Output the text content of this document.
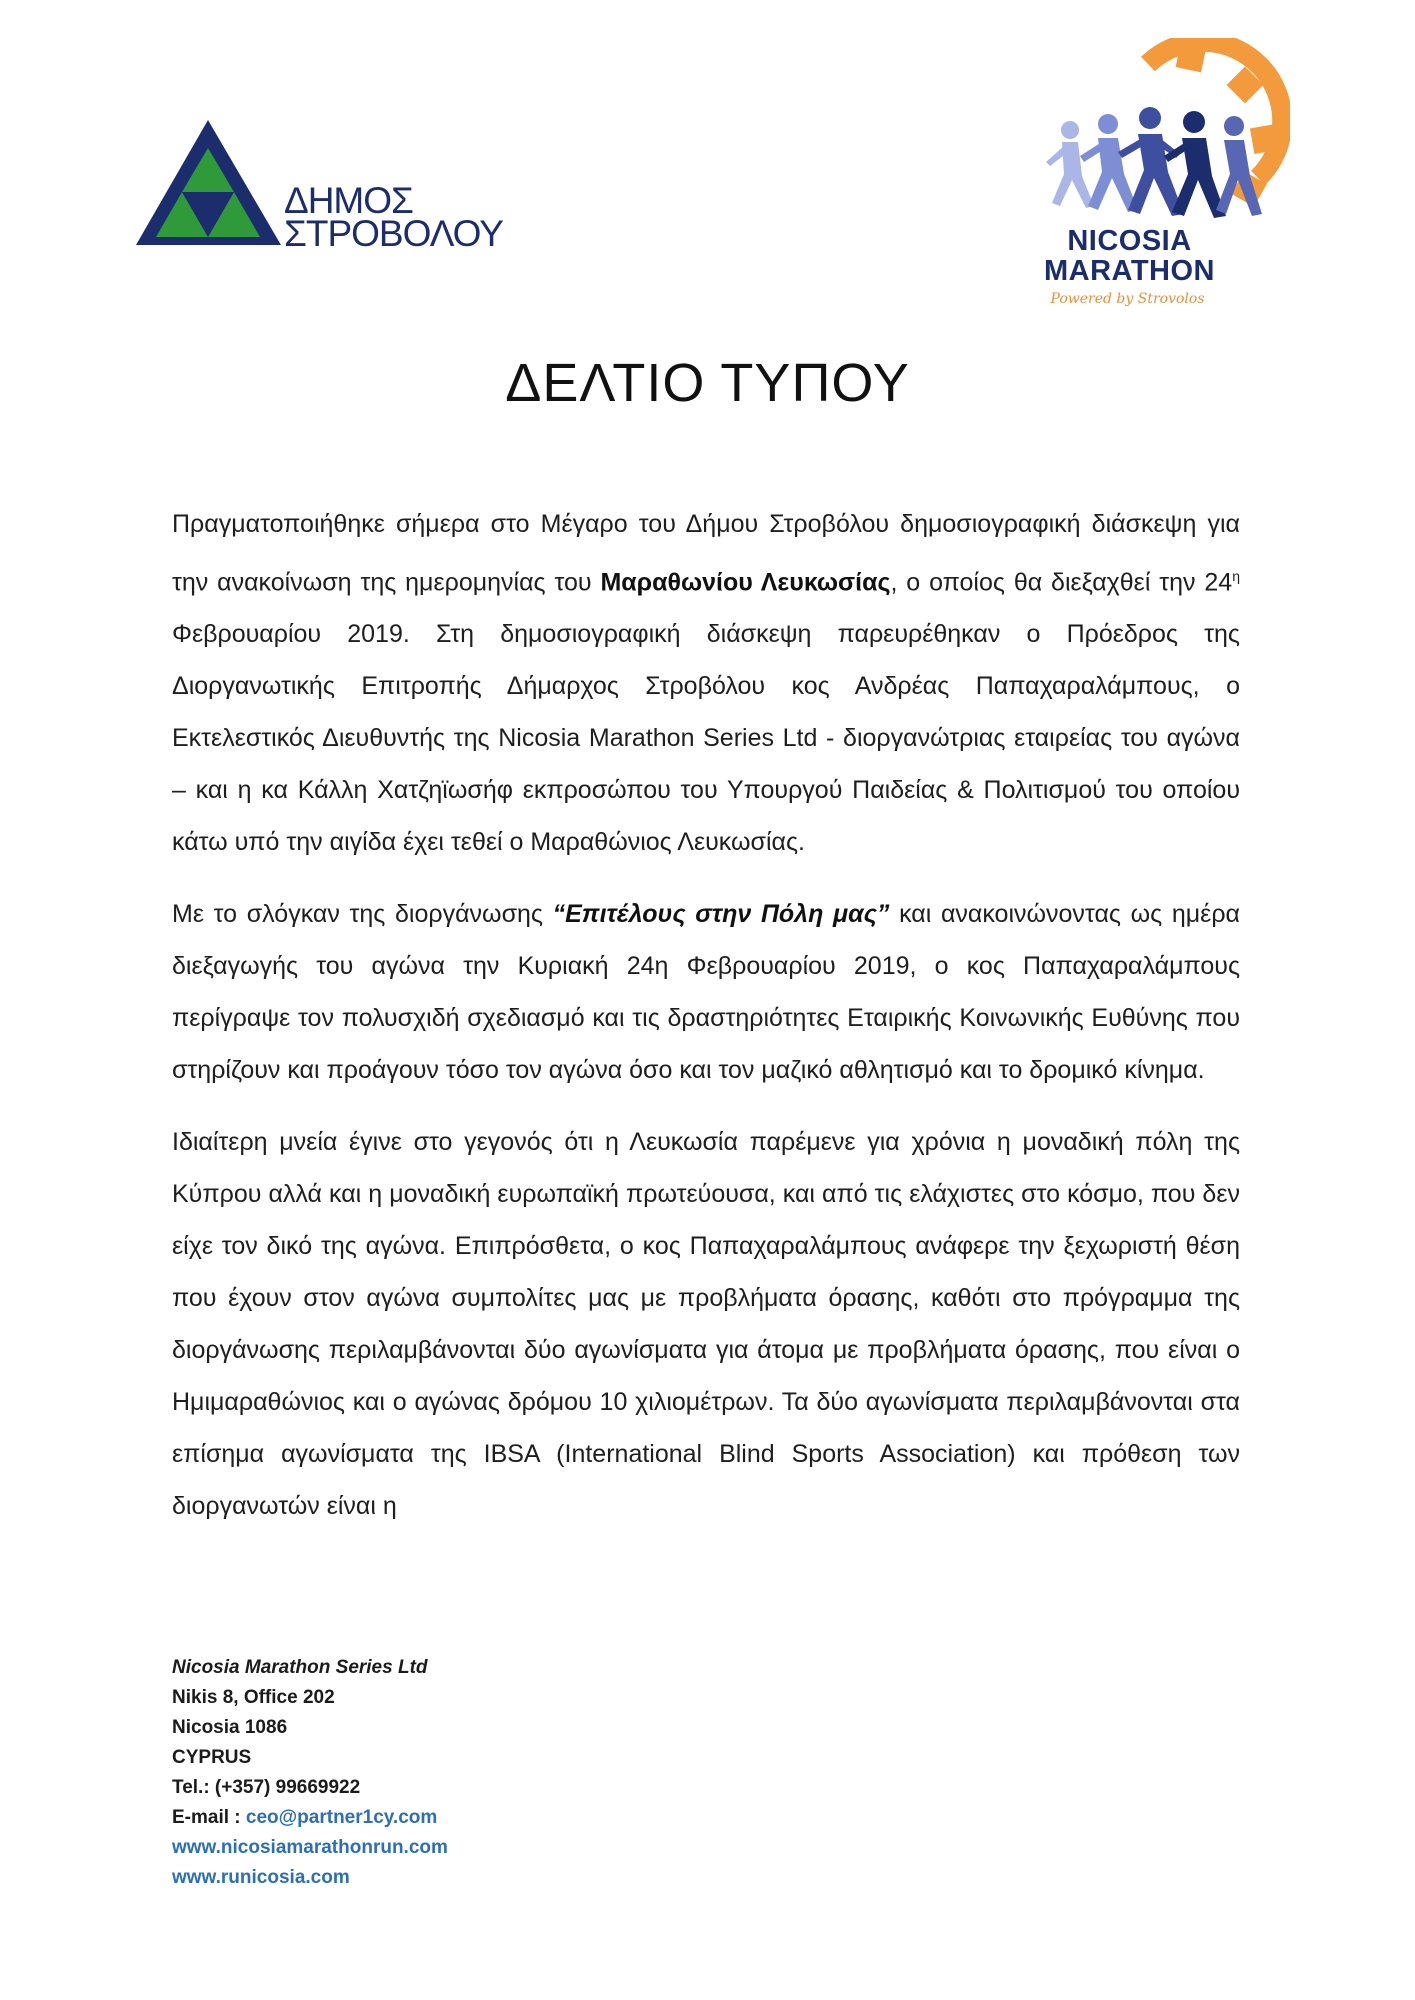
ΔΗΜΟΣ
ΣΤΡΟΒΟΛΟΥ	NICOSIA
MARATHON
Powered by Strovolos
ΔΕΛΤΙΟ ΤΥΠΟΥ

Πραγματοποιήθηκε σήμερα στο Μέγαρο του Δήμου Στροβόλου δημοσιογραφική διάσκεψη για την ανακοίνωση της ημερομηνίας του Μαραθωνίου Λευκωσίας, ο οποίος θα διεξαχθεί την $24^\eta$ Φεβρουαρίου 2019. Στη δημοσιογραφική διάσκεψη παρευρέθηκαν ο Πρόεδρος της Διοργανωτικής Επιτροπής Δήμαρχος Στροβόλου κος Ανδρέας Παπαχαραλάμπους, ο Εκτελεστικός Διευθυντής της Nicosia Marathon Series Ltd - διοργανώτριας εταιρείας του αγώνα – και η κα Κάλλη Χατζηϊωσήφ εκπροσώπου του Υπουργού Παιδείας & Πολιτισμού του οποίου κάτω υπό την αιγίδα έχει τεθεί ο Μαραθώνιος Λευκωσίας.

Με το σλόγκαν της διοργάνωσης “Επιτέλους στην Πόλη μας” και ανακοινώνοντας ως ημέρα διεξαγωγής του αγώνα την Κυριακή 24η Φεβρουαρίου 2019, ο κος Παπαχαραλάμπους περίγραψε τον πολυσχιδή σχεδιασμό και τις δραστηριότητες Εταιρικής Κοινωνικής Ευθύνης που στηρίζουν και προάγουν τόσο τον αγώνα όσο και τον μαζικό αθλητισμό και το δρομικό κίνημα.

Ιδιαίτερη μνεία έγινε στο γεγονός ότι η Λευκωσία παρέμενε για χρόνια η μοναδική πόλη της Κύπρου αλλά και η μοναδική ευρωπαϊκή πρωτεύουσα, και από τις ελάχιστες στο κόσμο, που δεν είχε τον δικό της αγώνα. Επιπρόσθετα, ο κος Παπαχαραλάμπους ανάφερε την ξεχωριστή θέση που έχουν στον αγώνα συμπολίτες μας με προβλήματα όρασης, καθότι στο πρόγραμμα της διοργάνωσης περιλαμβάνονται δύο αγωνίσματα για άτομα με προβλήματα όρασης, που είναι ο Ημιμαραθώνιος και ο αγώνας δρόμου 10 χιλιομέτρων. Τα δύο αγωνίσματα περιλαμβάνονται στα επίσημα αγωνίσματα της IBSA (International Blind Sports Association) και πρόθεση των διοργανωτών είναι η

Nicosia Marathon Series Ltd
Nikis 8, Office 202
Nicosia 1086
CYPRUS
Tel.: (+357) 99669922
E-mail : ceo@partner1cy.com
www.nicosiamarathonrun.com
www.runicosia.com
